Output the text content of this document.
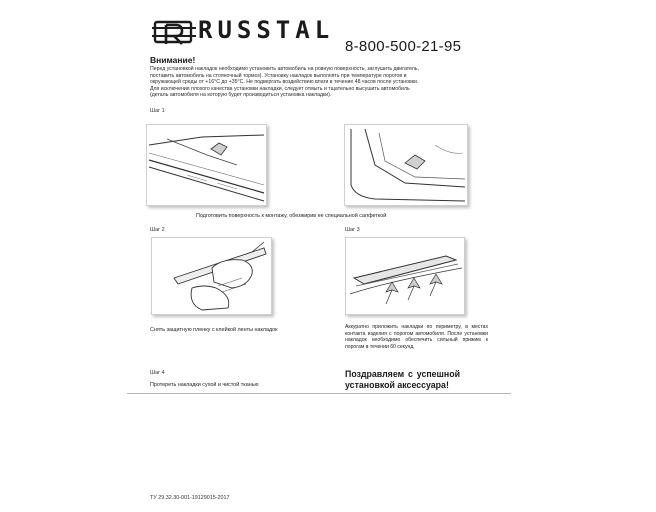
RUSSTAL
8-800-500-21-95
Внимание!
Перед установкой накладок необходимо установить автомобиль на ровную поверхность, заглушить двигатель,
поставить автомобиль на стояночный тормоз). Установку накладок выполнять при температуре порогов и
окружающей среды от +16°С до +35°С. Не подвергать воздействию влаги в течение 48 часов после установки.
Для исключения плохого качества установки накладки, следует отмыть и тщательно высушить автомобиль
(деталь автомобиля на которую будет производиться установка накладки).
Шаг 1
Подготовить поверхность к монтажу, обезжирив ее специальной салфеткой
Шаг 2
Снять защитную пленку с клейкой ленты накладок
Шаг 3
Аккуратно приложить накладки по периметру, в местах контакта изделия с порогом автомобиля. После установки накладок необходимо обеспечить сильный прижим к порогам в течении 60 секунд.
Шаг 4
Протереть накладки сухой и чистой тканью
Поздравляем с успешной установкой аксессуара!
ТУ 29.32.30-001-19129015-2017
